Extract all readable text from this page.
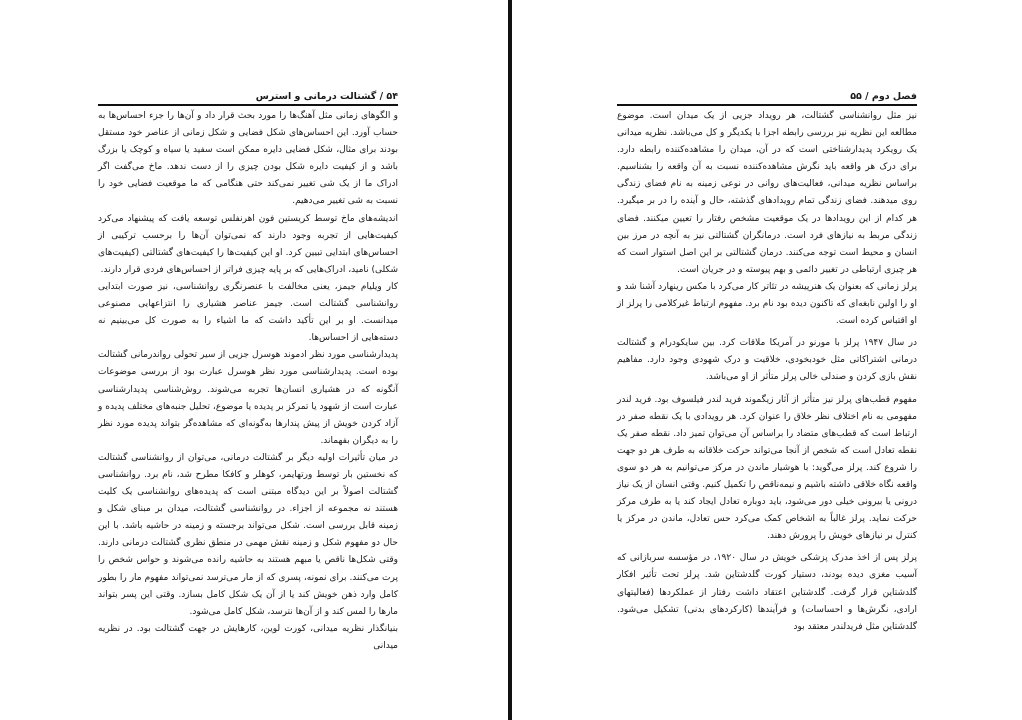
۵۴ / گشتالت درمانی و استرس

و الگوهای زمانی مثل آهنگ‌ها را مورد بحث قرار داد و آن‌ها را جزء احساس‌ها به حساب آورد. این احساس‌های شکل فضایی و شکل زمانی از عناصر خود مستقل بودند برای مثال، شکل فضایی دایره ممکن است سفید یا سیاه و کوچک یا بزرگ باشد و از کیفیت دایره شکل بودن چیزی را از دست ندهد. ماخ می‌گفت اگر ادراک ما از یک شی تغییر نمی‌کند حتی هنگامی که ما موقعیت فضایی خود را نسبت به شی تغییر می‌دهیم.

اندیشه‌های ماخ توسط کریستین فون اهرنفلس توسعه یافت که پیشنهاد می‌کرد کیفیت‌هایی از تجربه وجود دارند که نمی‌توان آن‌ها را برحسب ترکیبی از احساس‌های ابتدایی تبیین کرد. او این کیفیت‌ها را کیفیت‌های گشتالتی (کیفیت‌های شکلی) نامید، ادراک‌هایی که بر پایه چیزی فراتر از احساس‌های فردی قرار دارند.

کار ویلیام جیمز، یعنی مخالفت با عنصرنگری روانشناسی، نیز صورت ابتدایی روانشناسی گشتالت است. جیمز عناصر هشیاری را انتزاعهایی مصنوعی میدانست. او بر این تأکید داشت که ما اشیاء را به صورت کل می‌بینیم نه دسته‌هایی از احساس‌ها.

پدیدارشناسی مورد نظر ادموند هوسرل جزیی از سیر تحولی رواندرمانی گشتالت بوده است. پدیدارشناسی مورد نظر هوسرل عبارت بود از بررسی موضوعات آنگونه که در هشیاری انسان‌ها تجربه می‌شوند. روش‌شناسی پدیدارشناسی عبارت است از شهود یا تمرکز بر پدیده یا موضوع، تحلیل جنبه‌های مختلف پدیده و آزاد کردن خویش از پیش پندارها به‌گونه‌ای که مشاهده‌گر بتواند پدیده مورد نظر را به دیگران بفهماند.

در میان تأثیرات اولیه دیگر بر گشتالت درمانی، می‌توان از روانشناسی گشتالت که نخستین بار توسط ورتهایمر، کوهلر و کافکا مطرح شد، نام برد. روانشناسی گشتالت اصولاً بر این دیدگاه مبتنی است که پدیده‌های روانشناسی یک کلیت هستند نه مجموعه از اجزاء. در روانشناسی گشتالت، میدان بر مبنای شکل و زمینه قابل بررسی است. شکل می‌تواند برجسته و زمینه در حاشیه باشد. با این حال دو مفهوم شکل و زمینه نقش مهمی در منطق نظری گشتالت درمانی دارند. وقتی شکل‌ها ناقص یا مبهم هستند به حاشیه رانده می‌شوند و حواس شخص را پرت می‌کنند. برای نمونه، پسری که از مار می‌ترسد نمی‌تواند مفهوم مار را بطور کامل وارد ذهن خویش کند یا از آن یک شکل کامل بسازد. وقتی این پسر بتواند مارها را لمس کند و از آن‌ها نترسد، شکل کامل می‌شود.

بنیانگذار نظریه میدانی، کورت لوین، کارهایش در جهت گشتالت بود. در نظریه میدانی

فصل دوم / ۵۵

نیز مثل روانشناسی گشتالت، هر رویداد جزیی از یک میدان است. موضوع مطالعه این نظریه نیز بررسی رابطه اجزا با یکدیگر و کل می‌باشد. نظریه میدانی یک رویکرد پدیدارشناختی است که در آن، میدان را مشاهده‌کننده رابطه دارد. برای درک هر واقعه باید نگرش مشاهده‌کننده نسبت به آن واقعه را بشناسیم. براساس نظریه میدانی، فعالیت‌های روانی در نوعی زمینه به نام فضای زندگی روی میدهند. فضای زندگی تمام رویدادهای گذشته، حال و آینده را در بر میگیرد. هر کدام از این رویدادها در یک موقعیت مشخص رفتار را تعیین میکنند. فضای زندگی مربط به نیازهای فرد است. درمانگران گشتالتی نیز به آنچه در مرز بین انسان و محیط است توجه می‌کنند. درمان گشتالتی بر این اصل استوار است که هر چیزی ارتباطی در تغییر دائمی و بهم پیوسته و در جریان است.

پرلز زمانی که بعنوان یک هنرپیشه در تئاتر کار می‌کرد با مکس رینهارد آشنا شد و او را اولین نابغه‌ای که تاکنون دیده بود نام برد. مفهوم ارتباط غیرکلامی را پرلز از او اقتباس کرده است.

در سال ۱۹۴۷ پرلز با مورنو در آمریکا ملاقات کرد. بین سایکودرام و گشتالت درمانی اشتراکاتی مثل خودبخودی، خلاقیت و درک شهودی وجود دارد. مفاهیم نقش بازی کردن و صندلی خالی پرلز متأثر از او می‌باشد.

مفهوم قطب‌های پرلز نیز متأثر از آثار زیگموند فرید لندر فیلسوف بود. فرید لندر مفهومی به نام اختلاف نظر خلاق را عنوان کرد. هر رویدادی با یک نقطه صفر در ارتباط است که قطب‌های متضاد را براساس آن می‌توان تمیز داد. نقطه صفر یک نقطه تعادل است که شخص از آنجا می‌تواند حرکت خلاقانه به طرف هر دو جهت را شروع کند. پرلز می‌گوید: با هوشیار ماندن در مرکز می‌توانیم به هر دو سوی واقعه نگاه خلاقی داشته باشیم و نیمه‌ناقص را تکمیل کنیم. وقتی انسان از یک نیاز درونی یا بیرونی خیلی دور می‌شود، باید دوباره تعادل ایجاد کند یا به طرف مرکز حرکت نماید. پرلز غالباً به اشخاص کمک می‌کرد حس تعادل، ماندن در مرکز یا کنترل بر نیازهای خویش را پرورش دهند.

پرلز پس از اخذ مدرک پزشکی خویش در سال ۱۹۲۰، در مؤسسه سربازانی که آسیب مغزی دیده بودند، دستیار کورت گلدشتاین شد. پرلز تحت تأثیر افکار گلدشتاین قرار گرفت. گلدشتاین اعتقاد داشت رفتار از عملکردها (فعالیتهای ارادی، نگرش‌ها و احساسات) و فرآیندها (کارکردهای بدنی) تشکیل می‌شود. گلدشتاین مثل فریدلندر معتقد بود
